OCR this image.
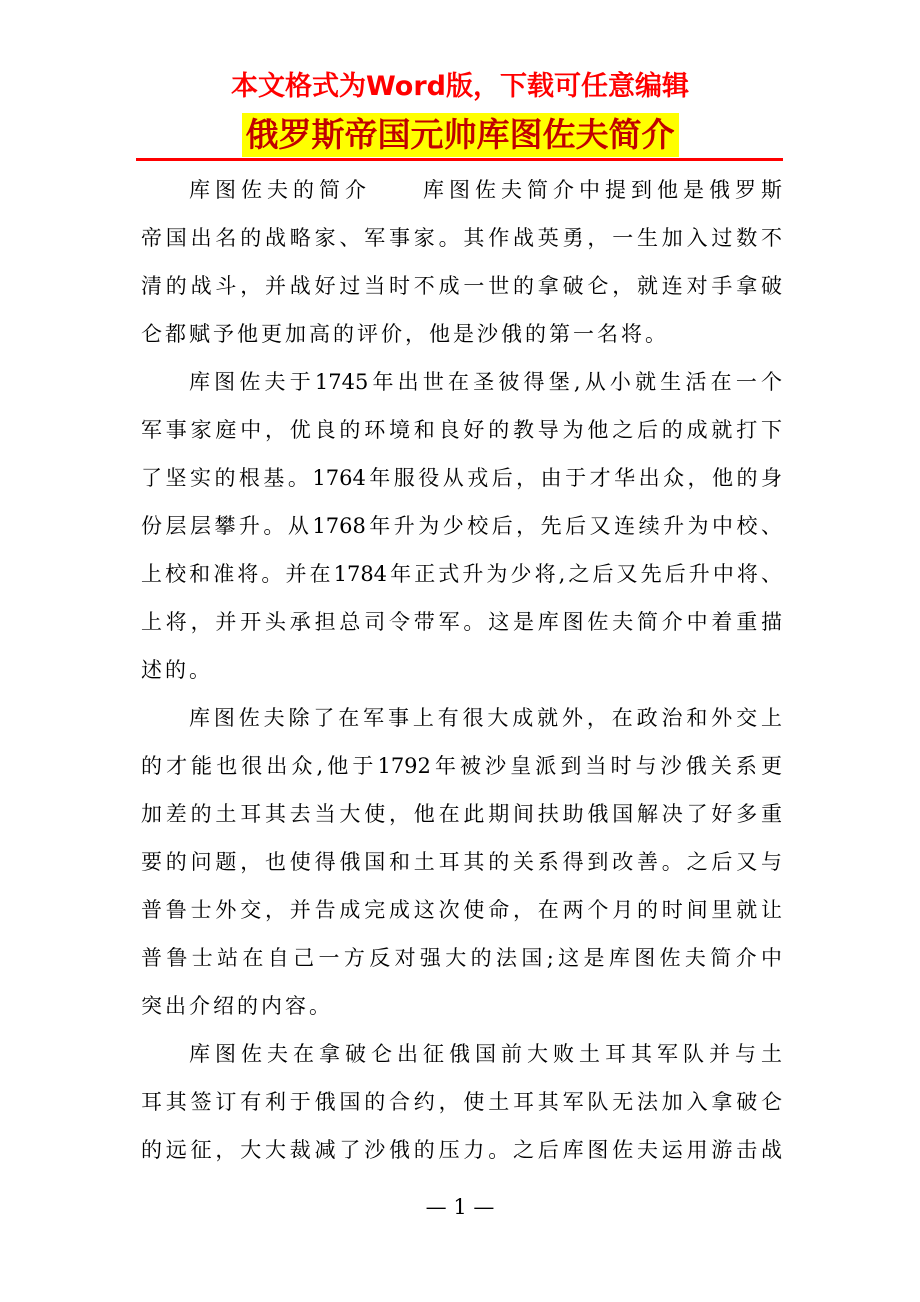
本文格式为Word版，下载可任意编辑
俄罗斯帝国元帅库图佐夫简介
库图佐夫的简介　　库图佐夫简介中提到他是俄罗斯
帝国出名的战略家、军事家。其作战英勇，一生加入过数不
清的战斗，并战好过当时不成一世的拿破仑，就连对手拿破
仑都赋予他更加高的评价，他是沙俄的第一名将。
库图佐夫于1745年出世在圣彼得堡,从小就生活在一个
军事家庭中，优良的环境和良好的教导为他之后的成就打下
了坚实的根基。1764年服役从戎后，由于才华出众，他的身
份层层攀升。从1768年升为少校后，先后又连续升为中校、
上校和准将。并在1784年正式升为少将,之后又先后升中将、
上将，并开头承担总司令带军。这是库图佐夫简介中着重描
述的。
库图佐夫除了在军事上有很大成就外，在政治和外交上
的才能也很出众,他于1792年被沙皇派到当时与沙俄关系更
加差的土耳其去当大使，他在此期间扶助俄国解决了好多重
要的问题，也使得俄国和土耳其的关系得到改善。之后又与
普鲁士外交，并告成完成这次使命，在两个月的时间里就让
普鲁士站在自己一方反对强大的法国;这是库图佐夫简介中
突出介绍的内容。
库图佐夫在拿破仑出征俄国前大败土耳其军队并与土
耳其签订有利于俄国的合约，使土耳其军队无法加入拿破仑
的远征，大大裁减了沙俄的压力。之后库图佐夫运用游击战
— 1 —
